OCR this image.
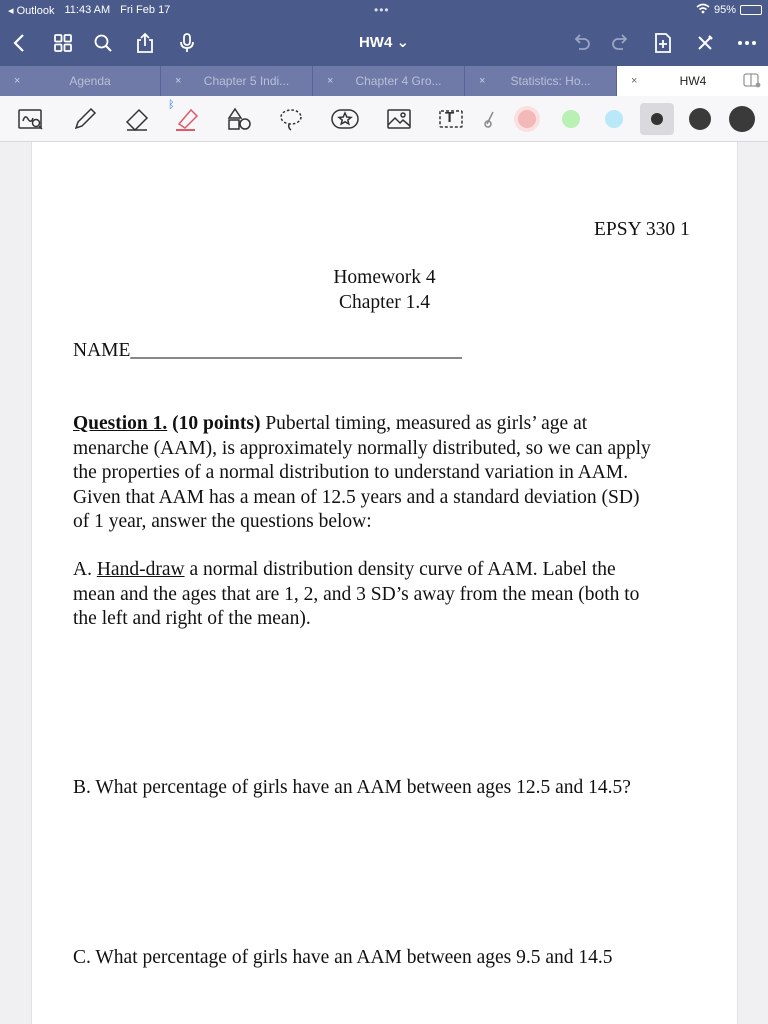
◂ Outlook 11:43 AM Fri Feb 17	•••	95%
HW4 ⌄
×	Agenda	×	Chapter 5 Indi...	×	Chapter 4 Gro...	×	Statistics: Ho...	×	HW4
ᛒ
T
EPSY 330 1
Homework 4
Chapter 1.4
NAME__________________________________
Question 1. (10 points) Pubertal timing, measured as girls’ age at
menarche (AAM), is approximately normally distributed, so we can apply
the properties of a normal distribution to understand variation in AAM.
Given that AAM has a mean of 12.5 years and a standard deviation (SD)
of 1 year, answer the questions below:
A. Hand-draw a normal distribution density curve of AAM. Label the
mean and the ages that are 1, 2, and 3 SD’s away from the mean (both to
the left and right of the mean).
B. What percentage of girls have an AAM between ages 12.5 and 14.5?
C. What percentage of girls have an AAM between ages 9.5 and 14.5
